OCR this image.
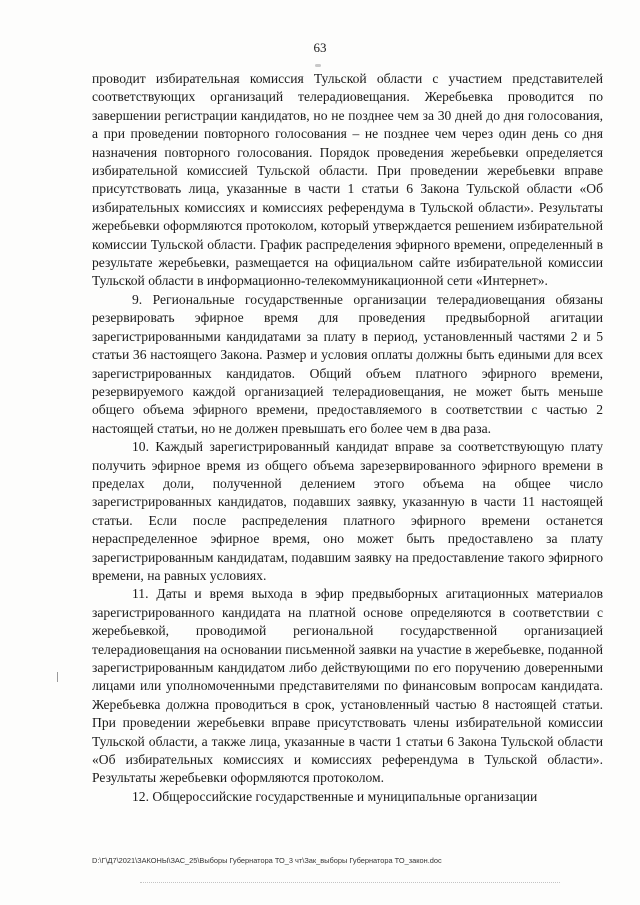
63

проводит избирательная комиссия Тульской области с участием представителей соответствующих организаций телерадиовещания. Жеребьевка проводится по завершении регистрации кандидатов, но не позднее чем за 30 дней до дня голосования, а при проведении повторного голосования – не позднее чем через один день со дня назначения повторного голосования. Порядок проведения жеребьевки определяется избирательной комиссией Тульской области. При проведении жеребьевки вправе присутствовать лица, указанные в части 1 статьи 6 Закона Тульской области «Об избирательных комиссиях и комиссиях референдума в Тульской области». Результаты жеребьевки оформляются протоколом, который утверждается решением избирательной комиссии Тульской области. График распределения эфирного времени, определенный в результате жеребьевки, размещается на официальном сайте избирательной комиссии Тульской области в информационно-телекоммуникационной сети «Интернет».

9. Региональные государственные организации телерадиовещания обязаны резервировать эфирное время для проведения предвыборной агитации зарегистрированными кандидатами за плату в период, установленный частями 2 и 5 статьи 36 настоящего Закона. Размер и условия оплаты должны быть едиными для всех зарегистрированных кандидатов. Общий объем платного эфирного времени, резервируемого каждой организацией телерадиовещания, не может быть меньше общего объема эфирного времени, предоставляемого в соответствии с частью 2 настоящей статьи, но не должен превышать его более чем в два раза.

10. Каждый зарегистрированный кандидат вправе за соответствующую плату получить эфирное время из общего объема зарезервированного эфирного времени в пределах доли, полученной делением этого объема на общее число зарегистрированных кандидатов, подавших заявку, указанную в части 11 настоящей статьи. Если после распределения платного эфирного времени останется нераспределенное эфирное время, оно может быть предоставлено за плату зарегистрированным кандидатам, подавшим заявку на предоставление такого эфирного времени, на равных условиях.

11. Даты и время выхода в эфир предвыборных агитационных материалов зарегистрированного кандидата на платной основе определяются в соответствии с жеребьевкой, проводимой региональной государственной организацией телерадиовещания на основании письменной заявки на участие в жеребьевке, поданной зарегистрированным кандидатом либо действующими по его поручению доверенными лицами или уполномоченными представителями по финансовым вопросам кандидата. Жеребьевка должна проводиться в срок, установленный частью 8 настоящей статьи. При проведении жеребьевки вправе присутствовать члены избирательной комиссии Тульской области, а также лица, указанные в части 1 статьи 6 Закона Тульской области «Об избирательных комиссиях и комиссиях референдума в Тульской области». Результаты жеребьевки оформляются протоколом.

12. Общероссийские государственные и муниципальные организации

D:\Г\Д7\2021\ЗАКОНЫ\ЗАС_25\Выборы Губернатора ТО_3 чт\Зак_выборы Губернатора ТО_закон.doc
